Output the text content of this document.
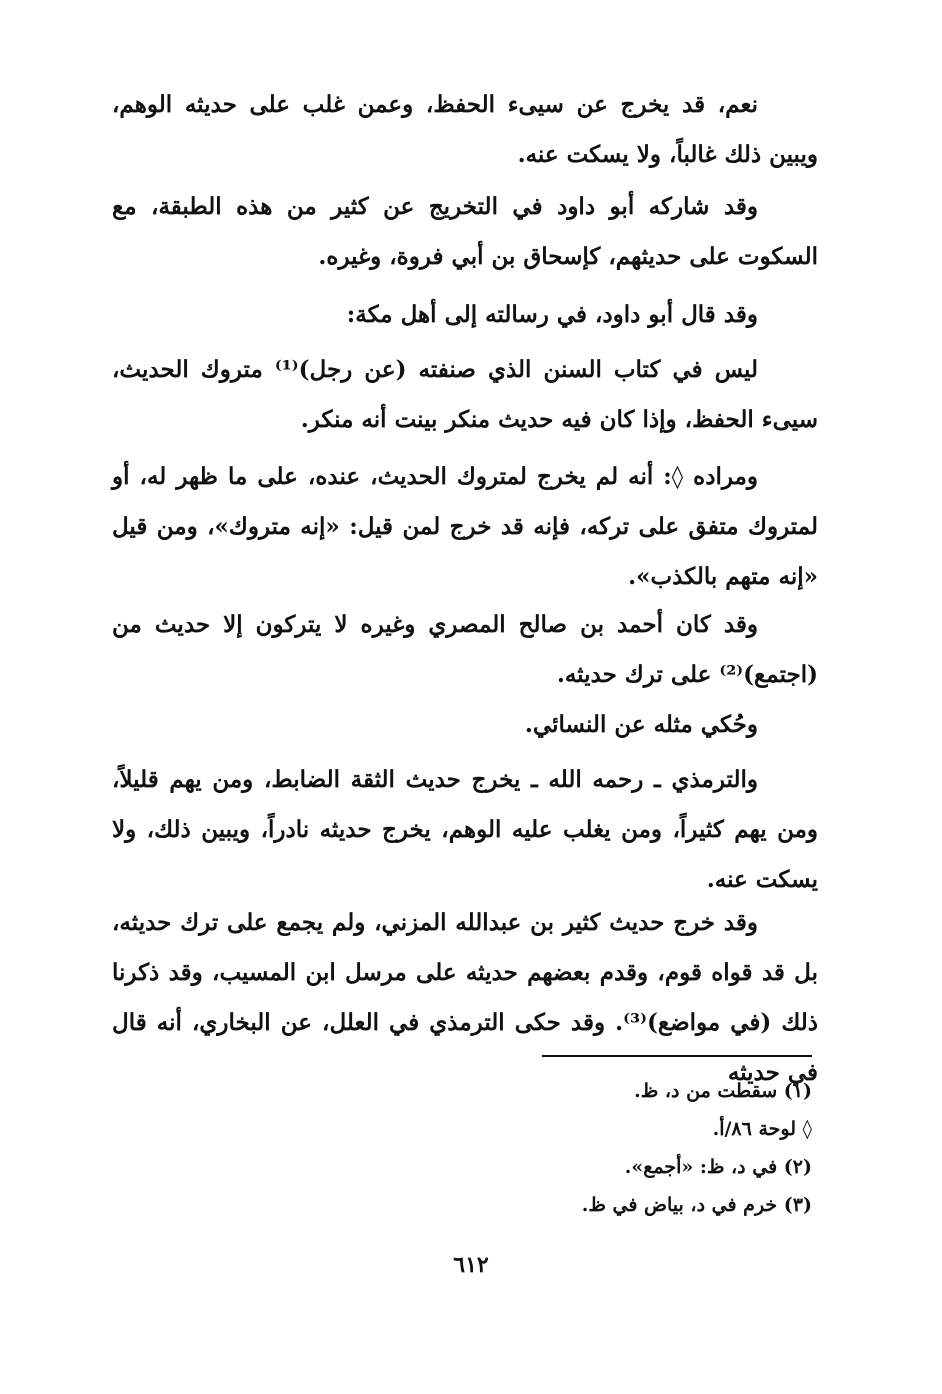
نعم، قد يخرج عن سيىء الحفظ، وعمن غلب على حديثه الوهم، ويبين ذلك غالباً، ولا يسكت عنه.

وقد شاركه أبو داود في التخريج عن كثير من هذه الطبقة، مع السكوت على حديثهم، كإسحاق بن أبي فروة، وغيره.

وقد قال أبو داود، في رسالته إلى أهل مكة:

ليس في كتاب السنن الذي صنفته (عن رجل)⁽¹⁾ متروك الحديث، سيىء الحفظ، وإذا كان فيه حديث منكر بينت أنه منكر.

ومراده ◊: أنه لم يخرج لمتروك الحديث، عنده، على ما ظهر له، أو لمتروك متفق على تركه، فإنه قد خرج لمن قيل: «إنه متروك»، ومن قيل «إنه متهم بالكذب».

وقد كان أحمد بن صالح المصري وغيره لا يتركون إلا حديث من (اجتمع)⁽²⁾ على ترك حديثه.

وحُكي مثله عن النسائي.

والترمذي ـ رحمه الله ـ يخرج حديث الثقة الضابط، ومن يهم قليلاً، ومن يهم كثيراً، ومن يغلب عليه الوهم، يخرج حديثه نادراً، ويبين ذلك، ولا يسكت عنه.

وقد خرج حديث كثير بن عبدالله المزني، ولم يجمع على ترك حديثه، بل قد قواه قوم، وقدم بعضهم حديثه على مرسل ابن المسيب، وقد ذكرنا ذلك (في مواضع)⁽³⁾. وقد حكى الترمذي في العلل، عن البخاري، أنه قال في حديثه

(١) سقطت من د، ظ.
◊ لوحة ٨٦/أ.
(٢) في د، ظ: «أجمع».
(٣) خرم في د، بياض في ظ.
٦١٢
